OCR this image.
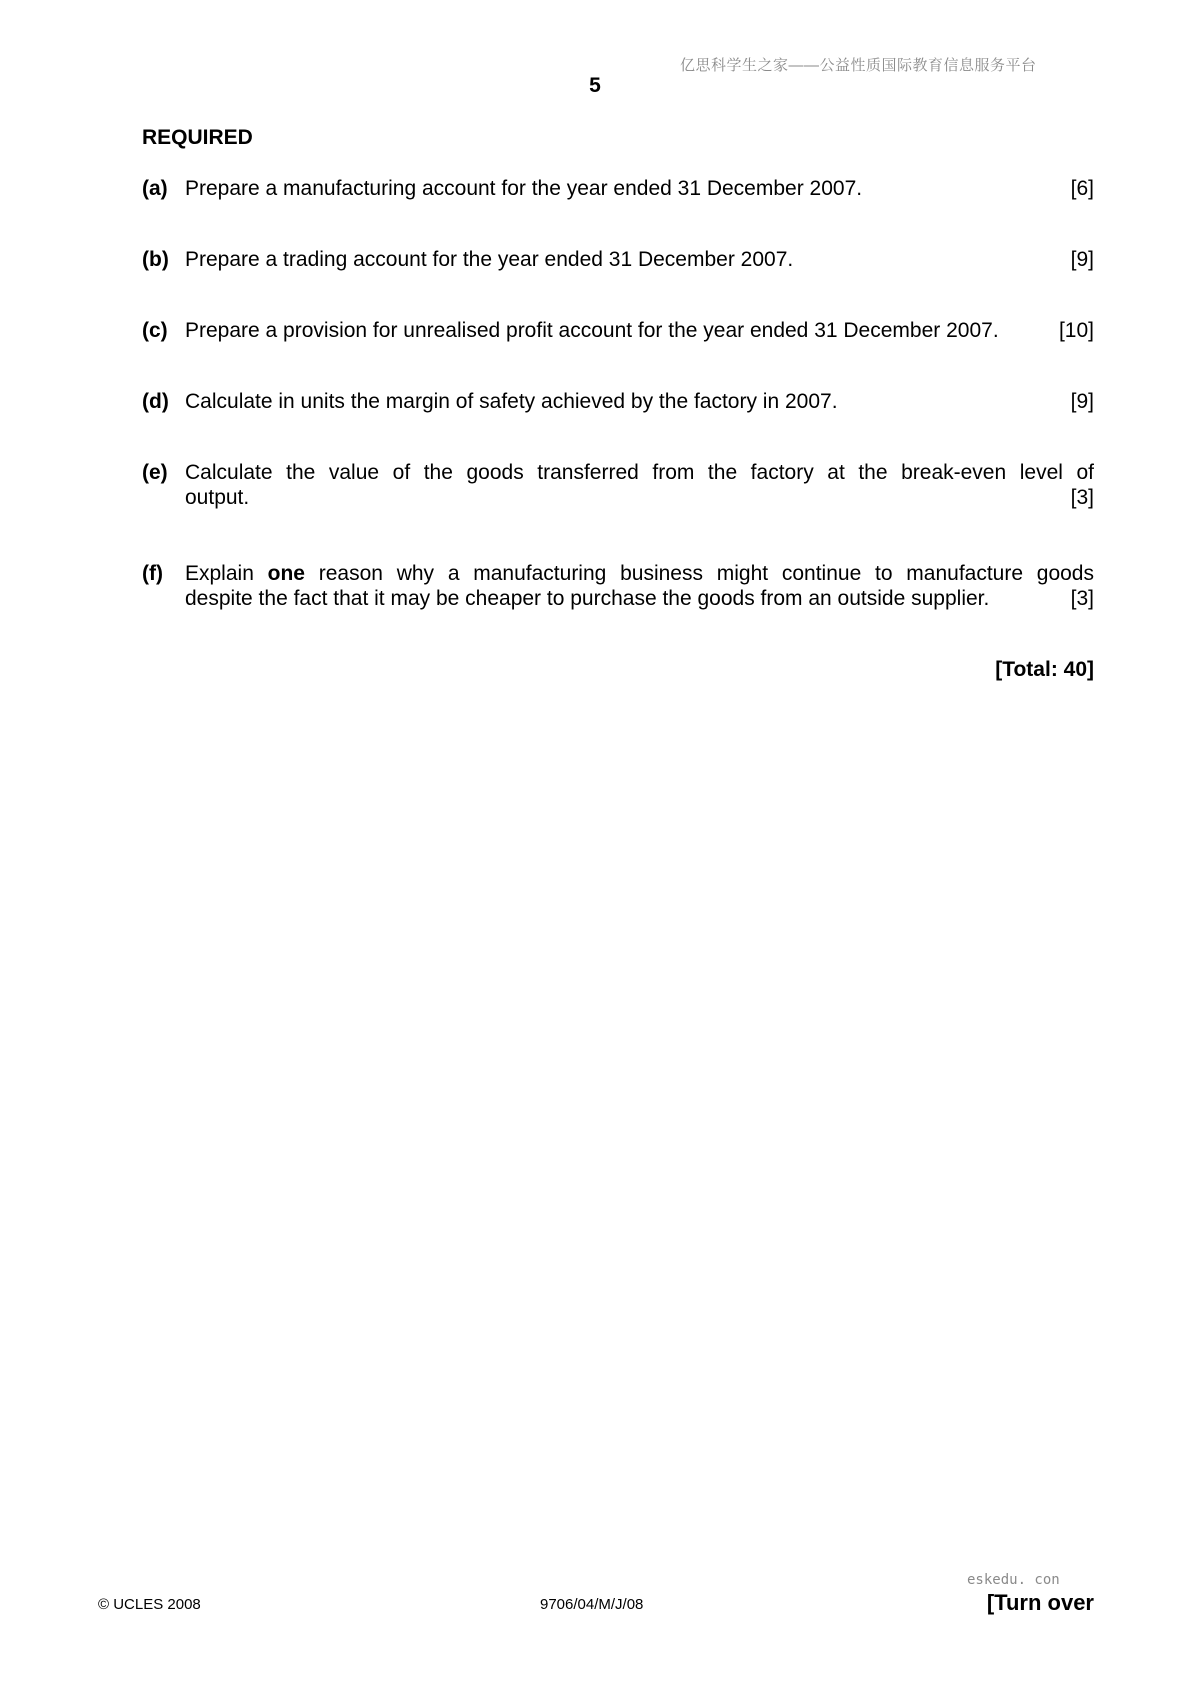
亿思科学生之家——公益性质国际教育信息服务平台
5
REQUIRED
(a) Prepare a manufacturing account for the year ended 31 December 2007.	[6]
(b) Prepare a trading account for the year ended 31 December 2007.	[9]
(c) Prepare a provision for unrealised profit account for the year ended 31 December 2007.	[10]
(d) Calculate in units the margin of safety achieved by the factory in 2007.	[9]
(e) Calculate the value of the goods transferred from the factory at the break-even level of
output.	[3]
(f) Explain one reason why a manufacturing business might continue to manufacture goods
despite the fact that it may be cheaper to purchase the goods from an outside supplier.	[3]
[Total: 40]
© UCLES 2008	9706/04/M/J/08
eskedu. con
[Turn over
